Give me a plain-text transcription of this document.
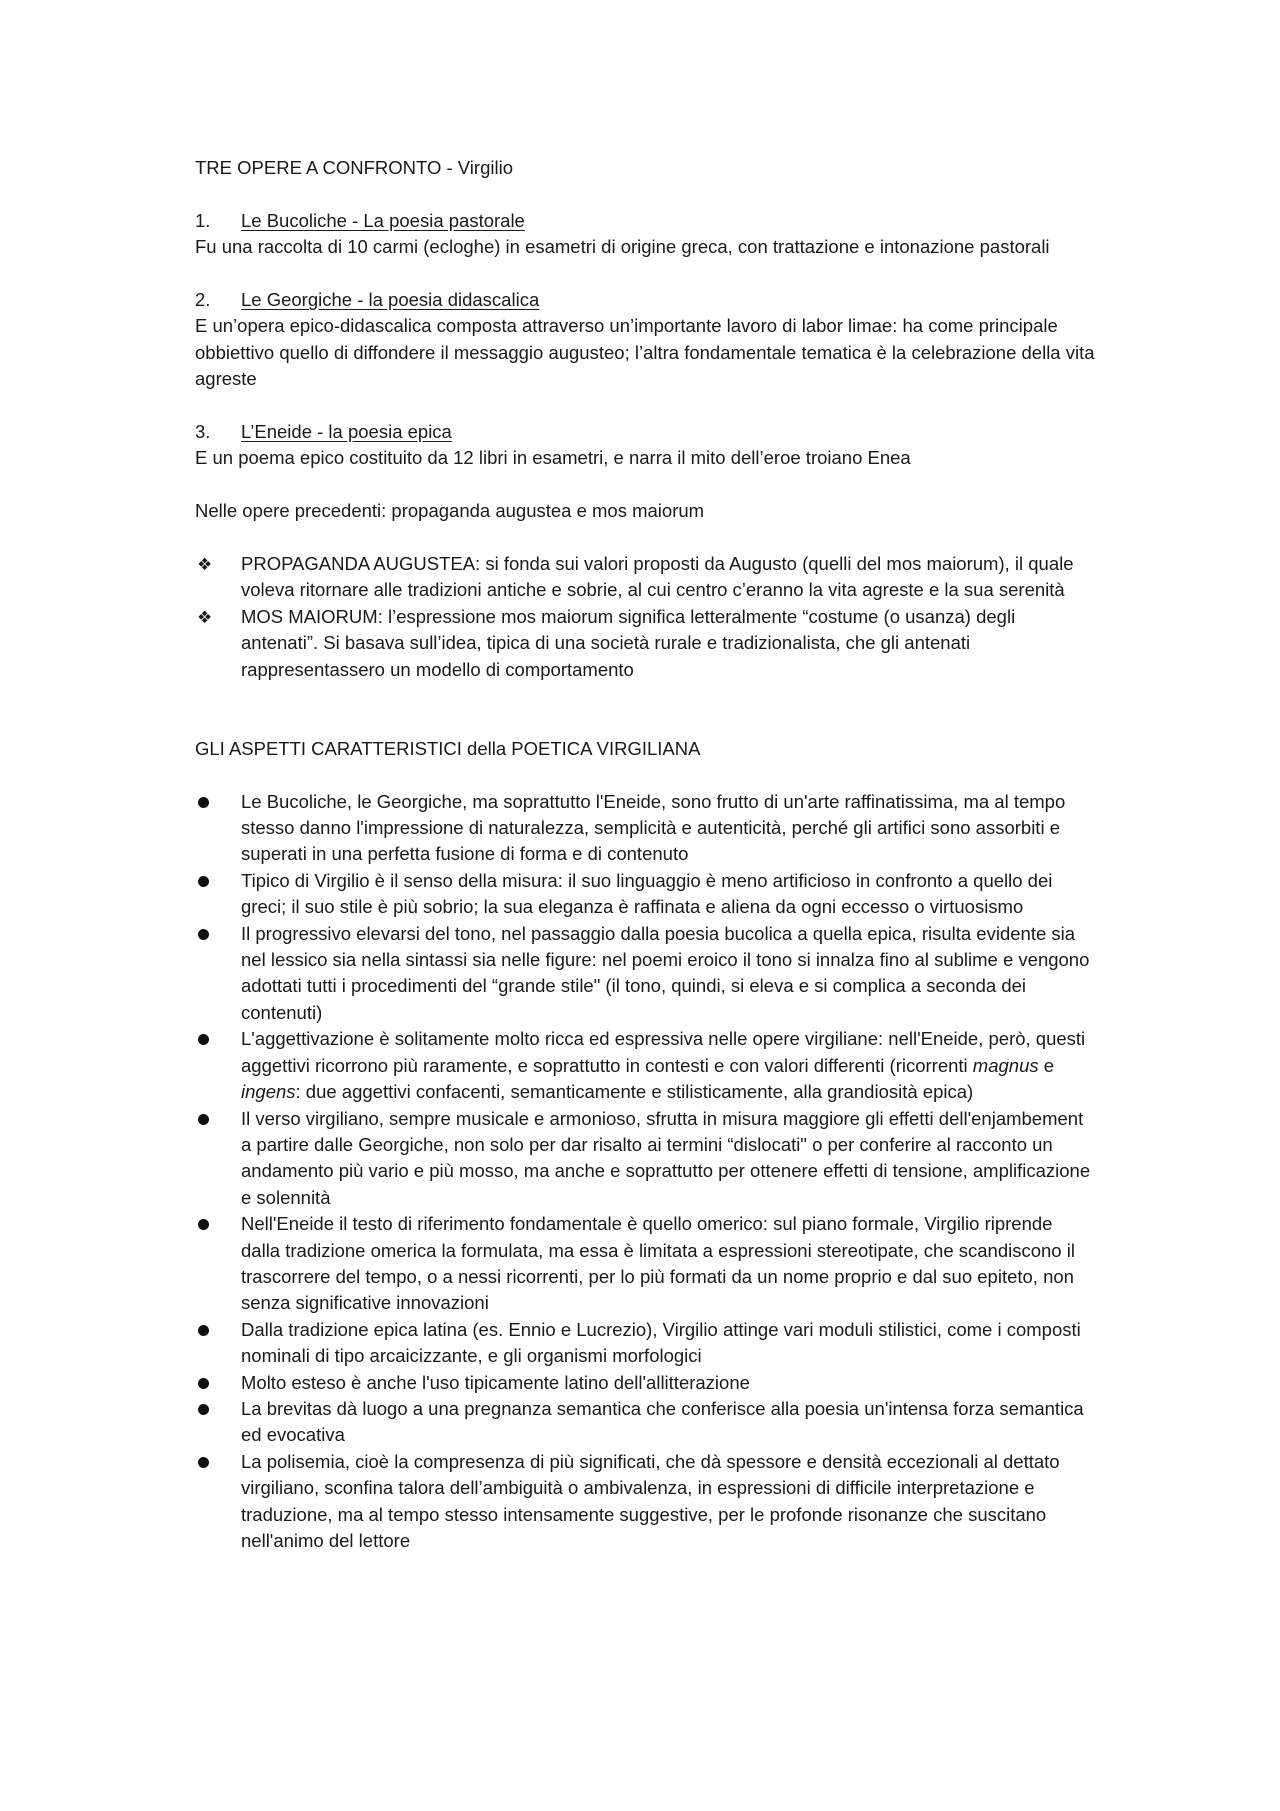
TRE OPERE A CONFRONTO - Virgilio

1.	Le Bucoliche - La poesia pastorale

Fu una raccolta di 10 carmi (ecloghe) in esametri di origine greca, con trattazione e intonazione pastorali

2.	Le Georgiche - la poesia didascalica

E un’opera epico-didascalica composta attraverso un’importante lavoro di labor limae: ha come principale obbiettivo quello di diffondere il messaggio augusteo; l’altra fondamentale tematica è la celebrazione della vita agreste

3.	L’Eneide - la poesia epica

E un poema epico costituito da 12 libri in esametri, e narra il mito dell’eroe troiano Enea

Nelle opere precedenti: propaganda augustea e mos maiorum

❖	PROPAGANDA AUGUSTEA: si fonda sui valori proposti da Augusto (quelli del mos maiorum), il quale voleva ritornare alle tradizioni antiche e sobrie, al cui centro c’eranno la vita agreste e la sua serenità
❖	MOS MAIORUM: l’espressione mos maiorum significa letteralmente “costume (o usanza) degli antenati”. Si basava sull’idea, tipica di una società rurale e tradizionalista, che gli antenati rappresentassero un modello di comportamento

GLI ASPETTI CARATTERISTICI della POETICA VIRGILIANA

Le Bucoliche, le Georgiche, ma soprattutto l'Eneide, sono frutto di un'arte raffinatissima, ma al tempo stesso danno l'impressione di naturalezza, semplicità e autenticità, perché gli artifici sono assorbiti e superati in una perfetta fusione di forma e di contenuto
Tipico di Virgilio è il senso della misura: il suo linguaggio è meno artificioso in confronto a quello dei greci; il suo stile è più sobrio; la sua eleganza è raffinata e aliena da ogni eccesso o virtuosismo
Il progressivo elevarsi del tono, nel passaggio dalla poesia bucolica a quella epica, risulta evidente sia nel lessico sia nella sintassi sia nelle figure: nel poemi eroico il tono si innalza fino al sublime e vengono adottati tutti i procedimenti del “grande stile" (il tono, quindi, si eleva e si complica a seconda dei contenuti)
L'aggettivazione è solitamente molto ricca ed espressiva nelle opere virgiliane: nell'Eneide, però, questi aggettivi ricorrono più raramente, e soprattutto in contesti e con valori differenti (ricorrenti magnus e ingens: due aggettivi confacenti, semanticamente e stilisticamente, alla grandiosità epica)
Il verso virgiliano, sempre musicale e armonioso, sfrutta in misura maggiore gli effetti dell'enjambement a partire dalle Georgiche, non solo per dar risalto ai termini “dislocati" o per conferire al racconto un andamento più vario e più mosso, ma anche e soprattutto per ottenere effetti di tensione, amplificazione e solennità
Nell'Eneide il testo di riferimento fondamentale è quello omerico: sul piano formale, Virgilio riprende dalla tradizione omerica la formulata, ma essa è limitata a espressioni stereotipate, che scandiscono il trascorrere del tempo, o a nessi ricorrenti, per lo più formati da un nome proprio e dal suo epiteto, non senza significative innovazioni
Dalla tradizione epica latina (es. Ennio e Lucrezio), Virgilio attinge vari moduli stilistici, come i composti nominali di tipo arcaicizzante, e gli organismi morfologici
Molto esteso è anche l'uso tipicamente latino dell'allitterazione
La brevitas dà luogo a una pregnanza semantica che conferisce alla poesia un'intensa forza semantica ed evocativa
La polisemia, cioè la compresenza di più significati, che dà spessore e densità eccezionali al dettato virgiliano, sconfina talora dell’ambiguità o ambivalenza, in espressioni di difficile interpretazione e traduzione, ma al tempo stesso intensamente suggestive, per le profonde risonanze che suscitano nell'animo del lettore
